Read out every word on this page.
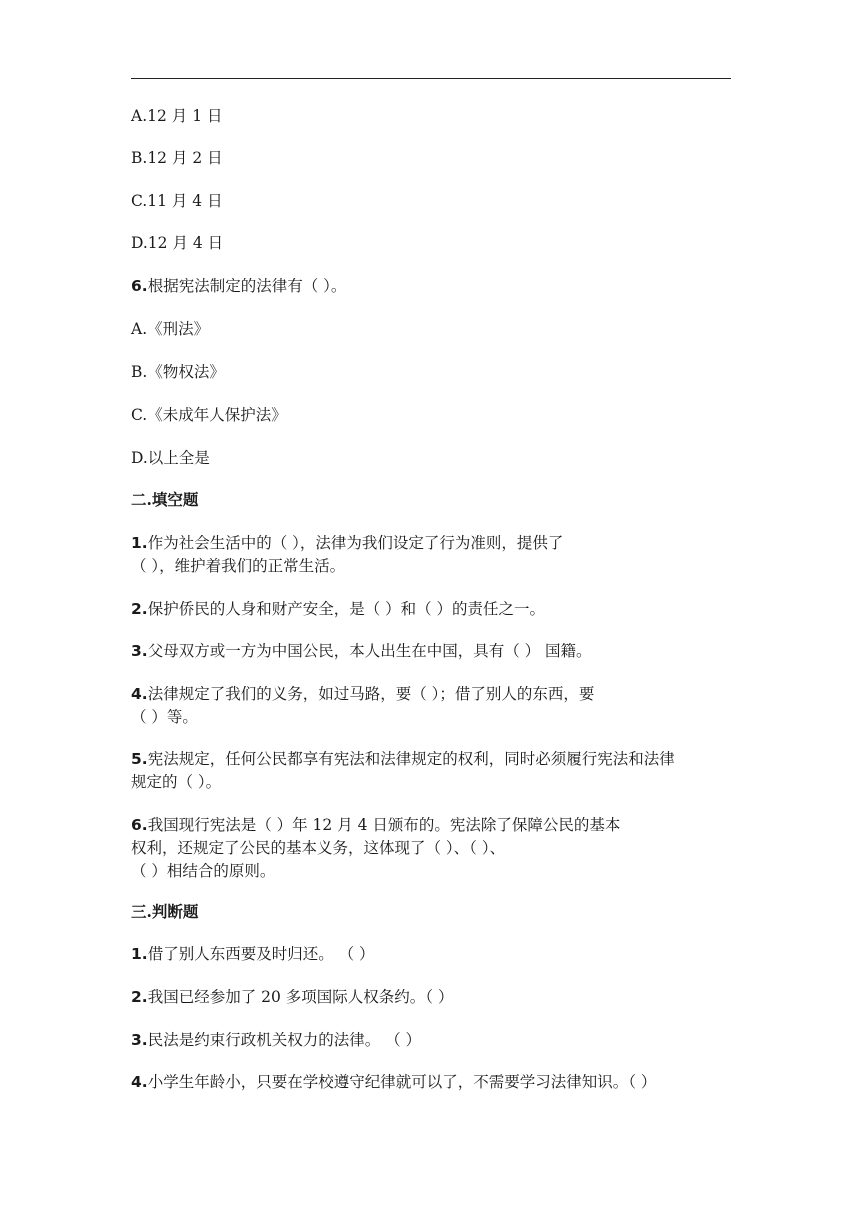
A.12 月 1 日
B.12 月 2 日
C.11 月 4 日
D.12 月 4 日
6.根据宪法制定的法律有（ ）。
A.《刑法》
B.《物权法》
C.《未成年人保护法》
D.以上全是
二.填空题
1.作为社会生活中的（ ），法律为我们设定了行为准则，提供了
（ ），维护着我们的正常生活。
2.保护侨民的人身和财产安全，是（ ）和（ ）的责任之一。
3.父母双方或一方为中国公民，本人出生在中国，具有（ ） 国籍。
4.法律规定了我们的义务，如过马路，要（ ）；借了别人的东西，要
（ ）等。
5.宪法规定，任何公民都享有宪法和法律规定的权利，同时必须履行宪法和法律
规定的（ ）。
6.我国现行宪法是（ ）年 12 月 4 日颁布的。宪法除了保障公民的基本
权利，还规定了公民的基本义务，这体现了（ ）、（ ）、
（ ）相结合的原则。
三.判断题
1.借了别人东西要及时归还。 （ ）
2.我国已经参加了 20 多项国际人权条约。（ ）
3.民法是约束行政机关权力的法律。 （ ）
4.小学生年龄小，只要在学校遵守纪律就可以了，不需要学习法律知识。（ ）
